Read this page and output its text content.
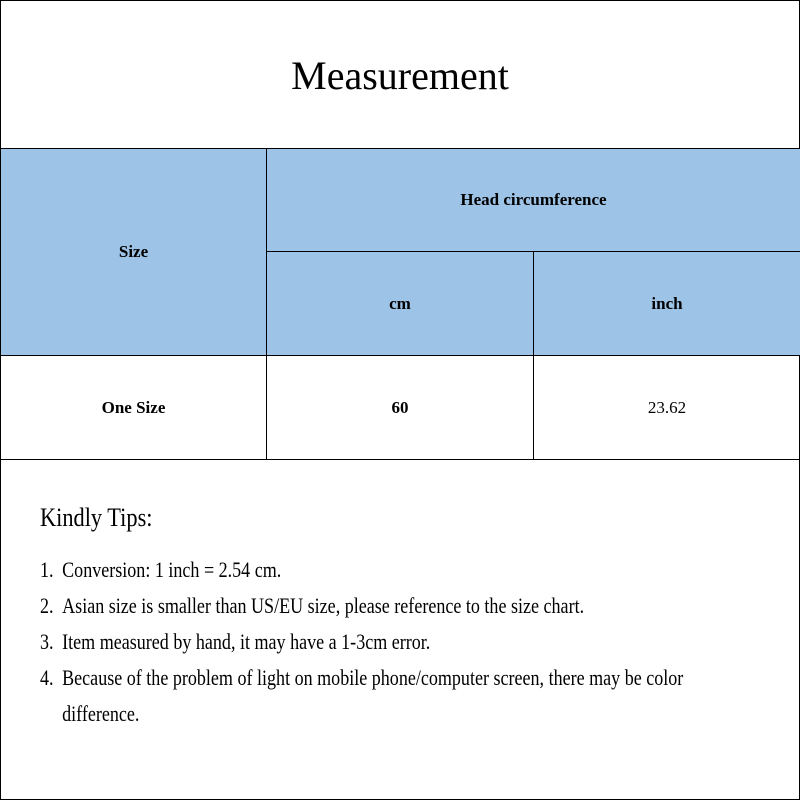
Measurement
Size	Head circumference	
	cm	inch
One Size	60	23.62
Kindly Tips:
1. Conversion: 1 inch = 2.54 cm.
2. Asian size is smaller than US/EU size, please reference to the size chart.
3. Item measured by hand, it may have a 1-3cm error.
4. Because of the problem of light on mobile phone/computer screen, there may be color difference.
